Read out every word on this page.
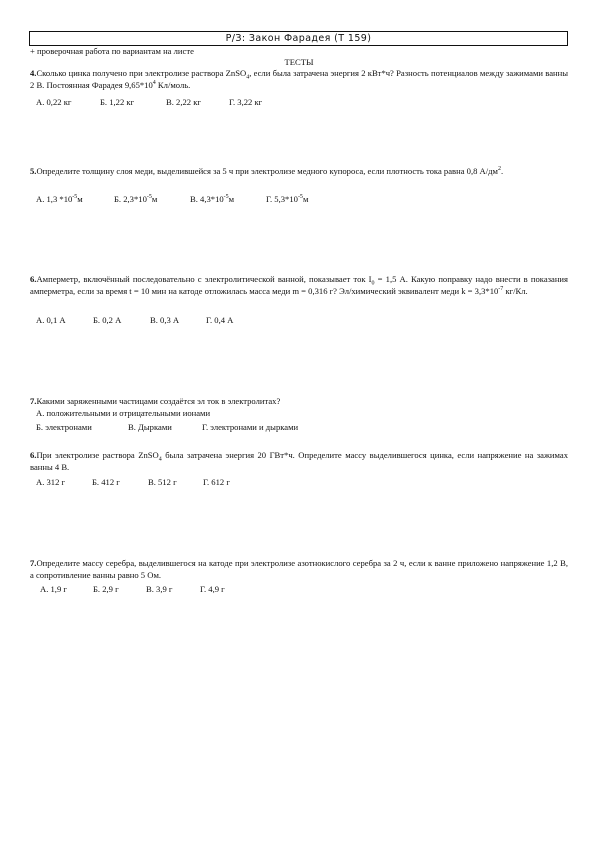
Р/З: Закон Фарадея (Т 159)
+ проверочная работа по вариантам на листе
ТЕСТЫ
4.Сколько цинка получено при электролизе раствора ZnSO$_4$, если была затрачена энергия 2 кВт*ч? Разность потенциалов между зажимами ванны 2 В. Постоянная Фарадея $9,65*10^4$ Кл/моль.
А. 0,22 кг	Б. 1,22 кг	В. 2,22 кг	Г. 3,22 кг
5.Определите толщину слоя меди, выделившейся за 5 ч при электролизе медного купороса, если плотность тока равна 0,8 $А/дм^2$.
А. 1,3 $*10^{-5}м$	Б. $2,3*10^{-5}м$	В. $4,3*10^{-5}м$	Г. $5,3*10^{-5}м$
6.Амперметр, включённый последовательно с электролитической ванной, показывает ток $I_0 = 1,5$ А. Какую поправку надо внести в показания амперметра, если за время t = 10 мин на катоде отложилась масса меди m = 0,316 г? Эл/химический эквивалент меди $k = 3,3*10^{-7}$ кг/Кл.
А. 0,1 А	Б. 0,2 А	В. 0,3 А	Г. 0,4 А
7.Какими заряженными частицами создаётся эл ток в электролитах?
А. положительными и отрицательными ионами
Б. электронами	В. Дырками	Г. электронами и дырками
6.При электролизе раствора ZnSO$_4$ была затрачена энергия 20 ГВт*ч. Определите массу выделившегося цинка, если напряжение на зажимах ванны 4 В.
А. 312 г	Б. 412 г	В. 512 г	Г. 612 г
7.Определите массу серебра, выделившегося на катоде при электролизе азотнокислого серебра за 2 ч, если к ванне приложено напряжение 1,2 В, а сопротивление ванны равно 5 Ом.
А. 1,9 г	Б. 2,9 г	В. 3,9 г	Г. 4,9 г
